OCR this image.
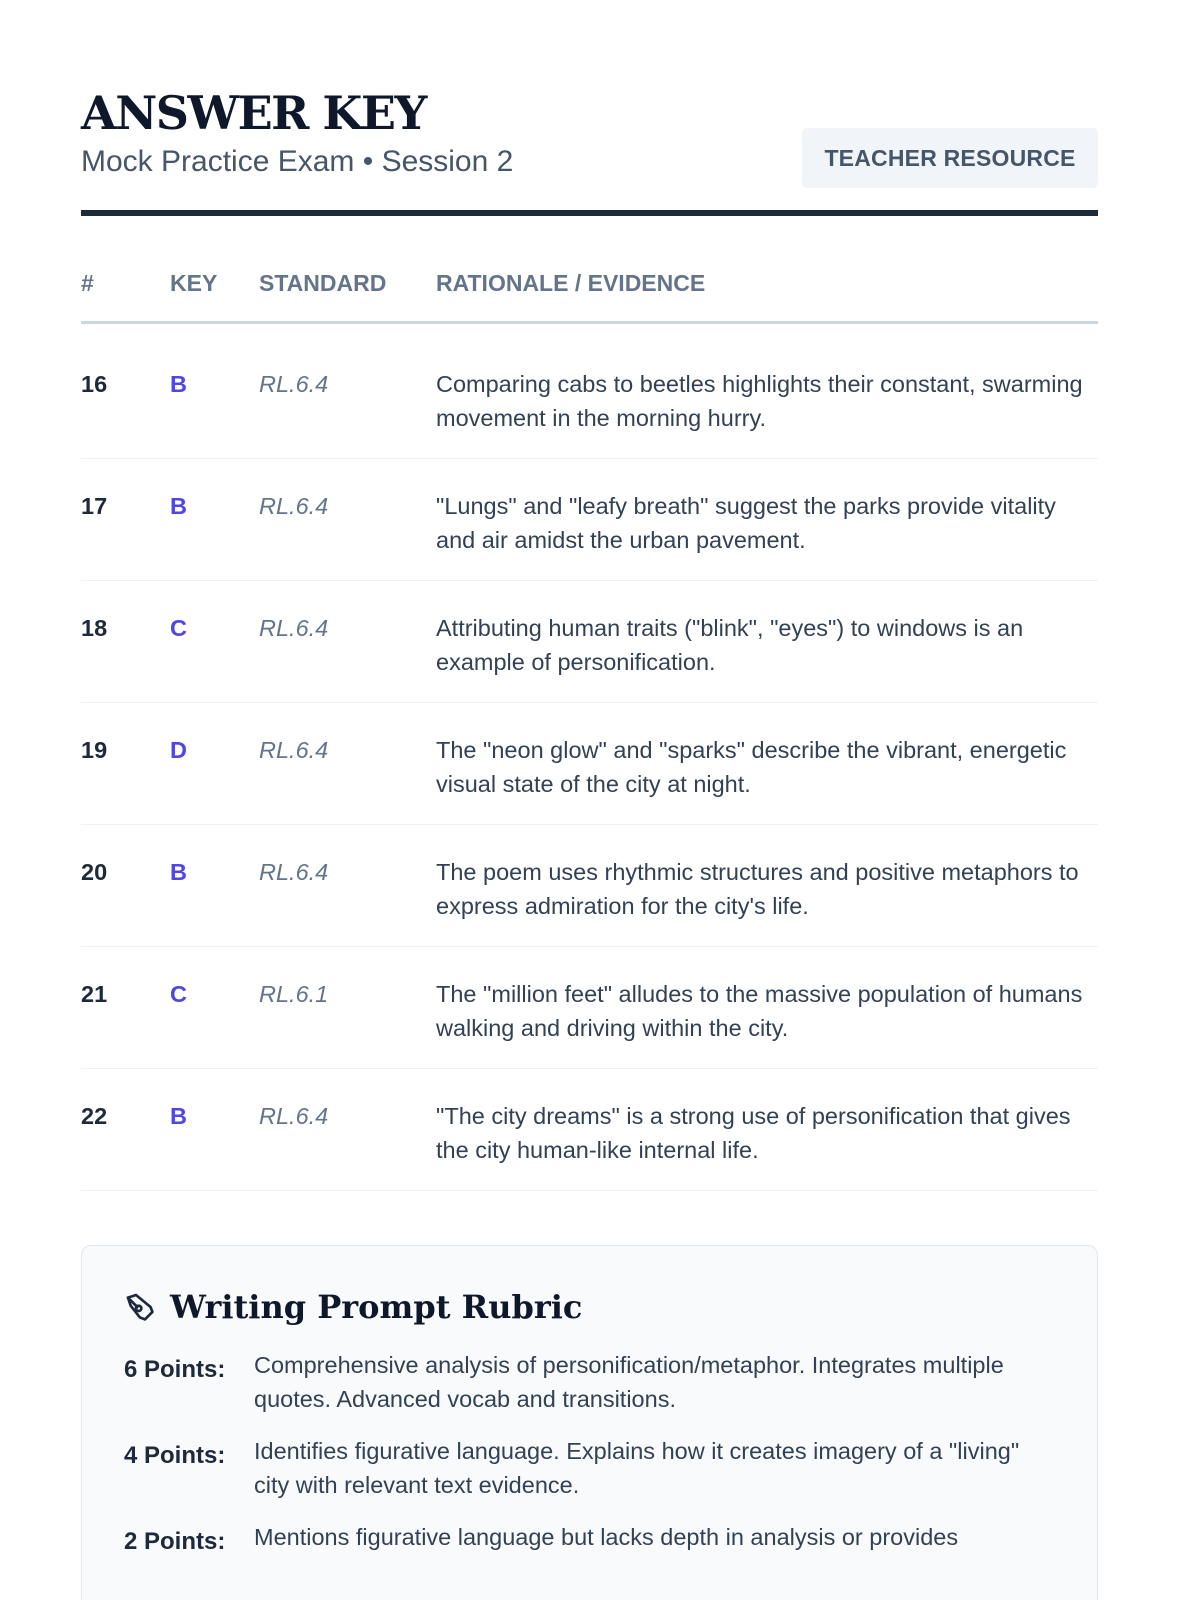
ANSWER KEY
Mock Practice Exam • Session 2	TEACHER RESOURCE
#	KEY	STANDARD	RATIONALE / EVIDENCE
16	B	RL.6.4	Comparing cabs to beetles highlights their constant, swarming movement in the morning hurry.
17	B	RL.6.4	"Lungs" and "leafy breath" suggest the parks provide vitality and air amidst the urban pavement.
18	C	RL.6.4	Attributing human traits ("blink", "eyes") to windows is an example of personification.
19	D	RL.6.4	The "neon glow" and "sparks" describe the vibrant, energetic visual state of the city at night.
20	B	RL.6.4	The poem uses rhythmic structures and positive metaphors to express admiration for the city's life.
21	C	RL.6.1	The "million feet" alludes to the massive population of humans walking and driving within the city.
22	B	RL.6.4	"The city dreams" is a strong use of personification that gives the city human-like internal life.
Writing Prompt Rubric
6 Points:	Comprehensive analysis of personification/metaphor. Integrates multiple quotes. Advanced vocab and transitions.
4 Points:	Identifies figurative language. Explains how it creates imagery of a "living" city with relevant text evidence.
2 Points:	Mentions figurative language but lacks depth in analysis or provides
